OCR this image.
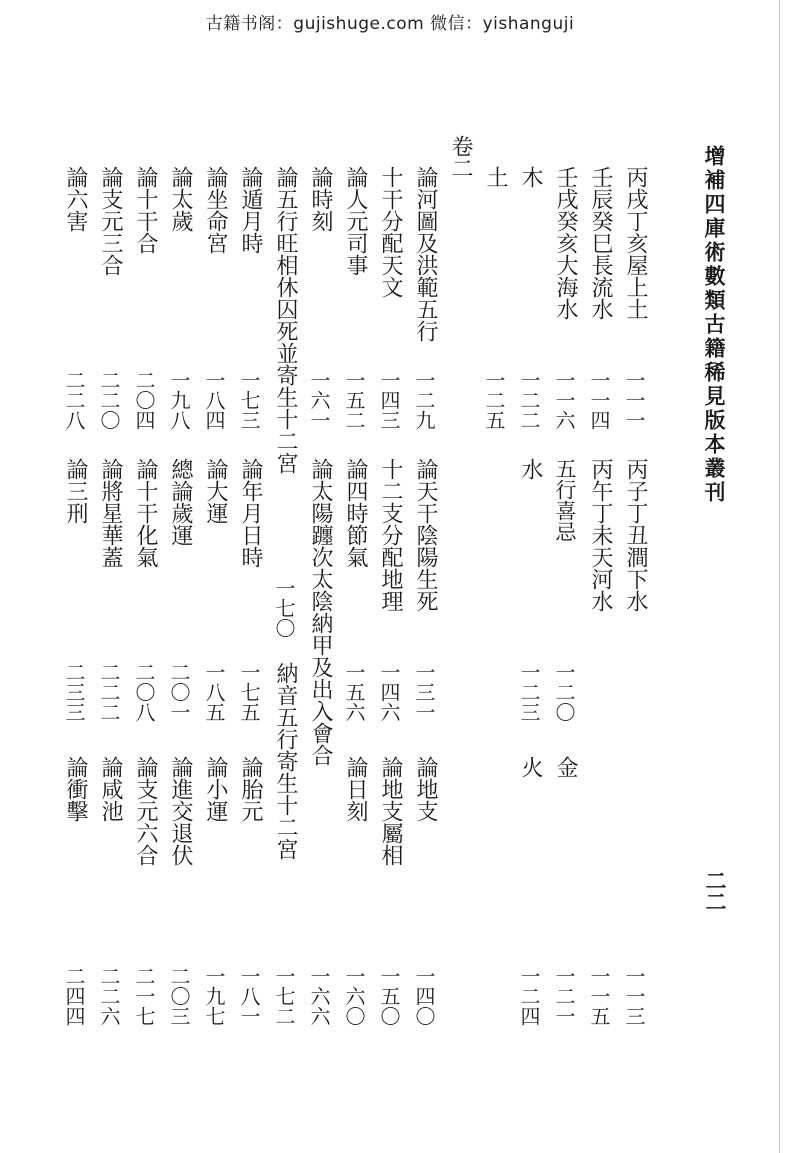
古籍书阁：gujishuge.com 微信：yishanguji
增補四庫術數類古籍稀見版本叢刊
二二
丙戌丁亥屋上土
一一一
丙子丁丑澗下水
一一三
壬辰癸巳長流水
一一四
丙午丁未天河水
一一五
壬戌癸亥大海水
一一六
五行喜忌
一二〇
金
一二一
木
一二二
水
一二三
火
一二四
土
一二五
卷二
論河圖及洪範五行
一二九
論天干陰陽生死
一三一
論地支
一四〇
十干分配天文
一四三
十二支分配地理
一四六
論地支屬相
一五〇
論人元司事
一五二
論四時節氣
一五六
論日刻
一六〇
論時刻
一六一
論太陽躔次太陰納甲及出入會合
一六六
論五行旺相休囚死並寄生十二宮
一七〇
納音五行寄生十二宮
一七二
論遁月時
一七三
論年月日時
一七五
論胎元
一八一
論坐命宮
一八四
論大運
一八五
論小運
一九七
論太歲
一九八
總論歲運
二〇一
論進交退伏
二〇三
論十干合
二〇四
論十干化氣
二〇八
論支元六合
二一七
論支元三合
二二〇
論將星華蓋
二二二
論咸池
二二六
論六害
二二八
論三刑
二三三
論衝擊
二四四
